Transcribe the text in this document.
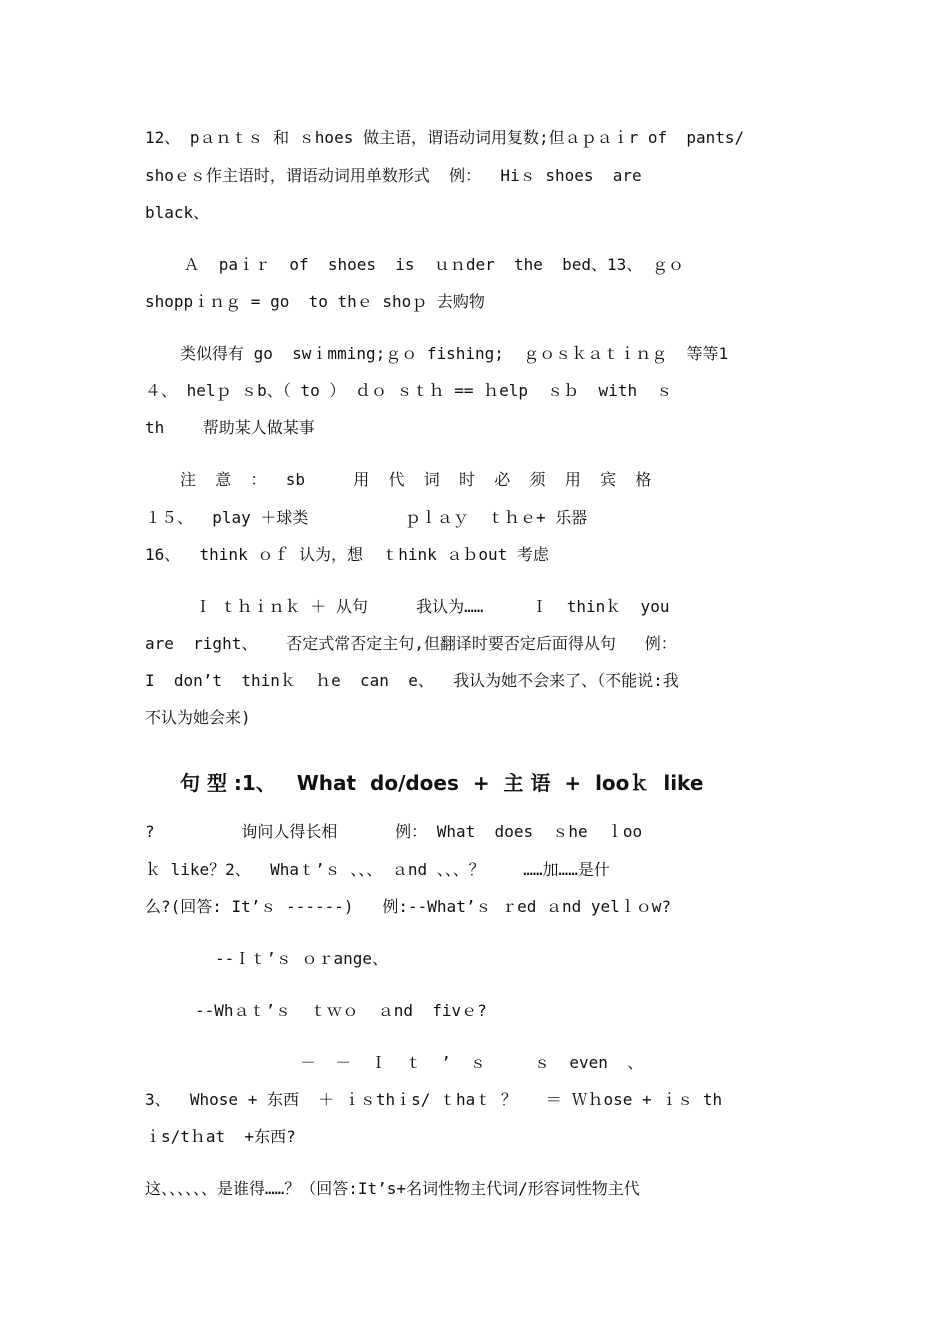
12、 pａｎｔｓ 和 ｓhoes 做主语，谓语动词用复数;但ａｐａｉr of  pants/
shoｅｓ作主语时，谓语动词用单数形式  例：  Hiｓ shoes  are
black、
Ａ  paｉｒ  of  shoes  is  ｕｎder  the  bed、13、 ｇｏ
shoppｉｎｇ = go  to thｅ shoｐ 去购物
类似得有 go  swｉmming;ｇｏ fishing;  ｇｏｓｋａｔｉｎｇ  等等1
４、 helｐ ｓb、（ to ） ｄｏ ｓｔｈ == ｈelp  ｓｂ  with  ｓ
th    帮助某人做某事
注  意  ：  sb     用  代  词  时  必  须  用  宾  格
１５、  play ＋球类          ｐｌａｙ  ｔｈｅ+ 乐器
16、  think ｏｆ 认为，想  ｔhink ａｂout 考虑
Ｉ ｔｈｉｎｋ ＋ 从句     我认为……     Ｉ  thinｋ  you
are  right、   否定式常否定主句,但翻译时要否定后面得从句   例：
I  don’t  thinｋ  ｈe  can  e、  我认为她不会来了、（不能说:我
不认为她会来)
句 型 :1、   What  do/does  +  主 语  +  looｋ  like
?         询问人得长相      例： What  does  ｓhe  ｌoo
ｋ like？2、  Whaｔ’ｓ 、、、 ａnd 、、、？    ……加……是什
么?(回答: It’ｓ ------)   例:--What’ｓ ｒed ａnd yelｌｏw?
--Ｉｔ’ｓ ｏｒange、
--Whａｔ’ｓ  ｔｗｏ  ａnd  fivｅ?
－  －  Ｉ  ｔ  ’  ｓ     ｓ  even  、
3、  Whose + 东西  ＋ ｉｓthｉs/ ｔhaｔ ？   ＝ Ｗｈose + ｉｓ th
ｉs/tｈat  +东西?
这、、、、、、是谁得……？（回答:It’s+名词性物主代词/形容词性物主代
